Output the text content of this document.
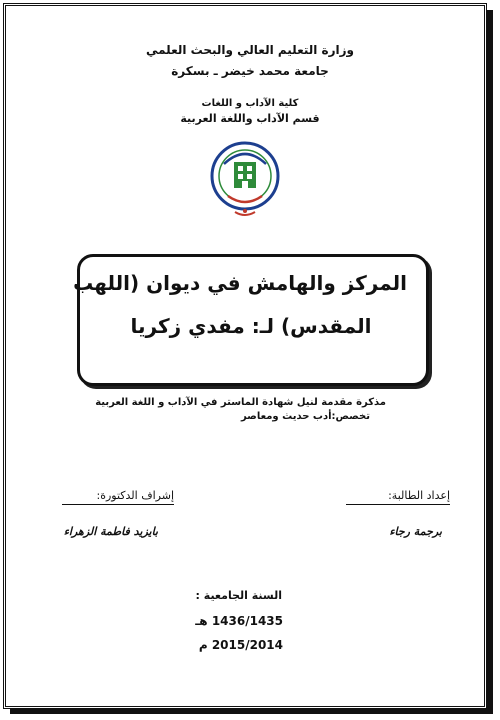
وزارة التعليم العالي والبحث العلمي
جامعة محمد خيضر ـ بسكرة
كلية الآداب و اللغات
قسم الآداب واللغة العربية
المركز والهامش في ديوان (اللهب
المقدس) لـ: مفدي زكريا
مذكرة مقدمة لنيل شهادة الماستر في الآداب و اللغة العربية
تخصص:أدب حديث ومعاصر
إعداد الطالبة:
إشراف الدكتورة:
برجمة رجاء
بايزيد فاطمة الزهراء
السنة الجامعية :
1436/1435 هـ
2015/2014 م
